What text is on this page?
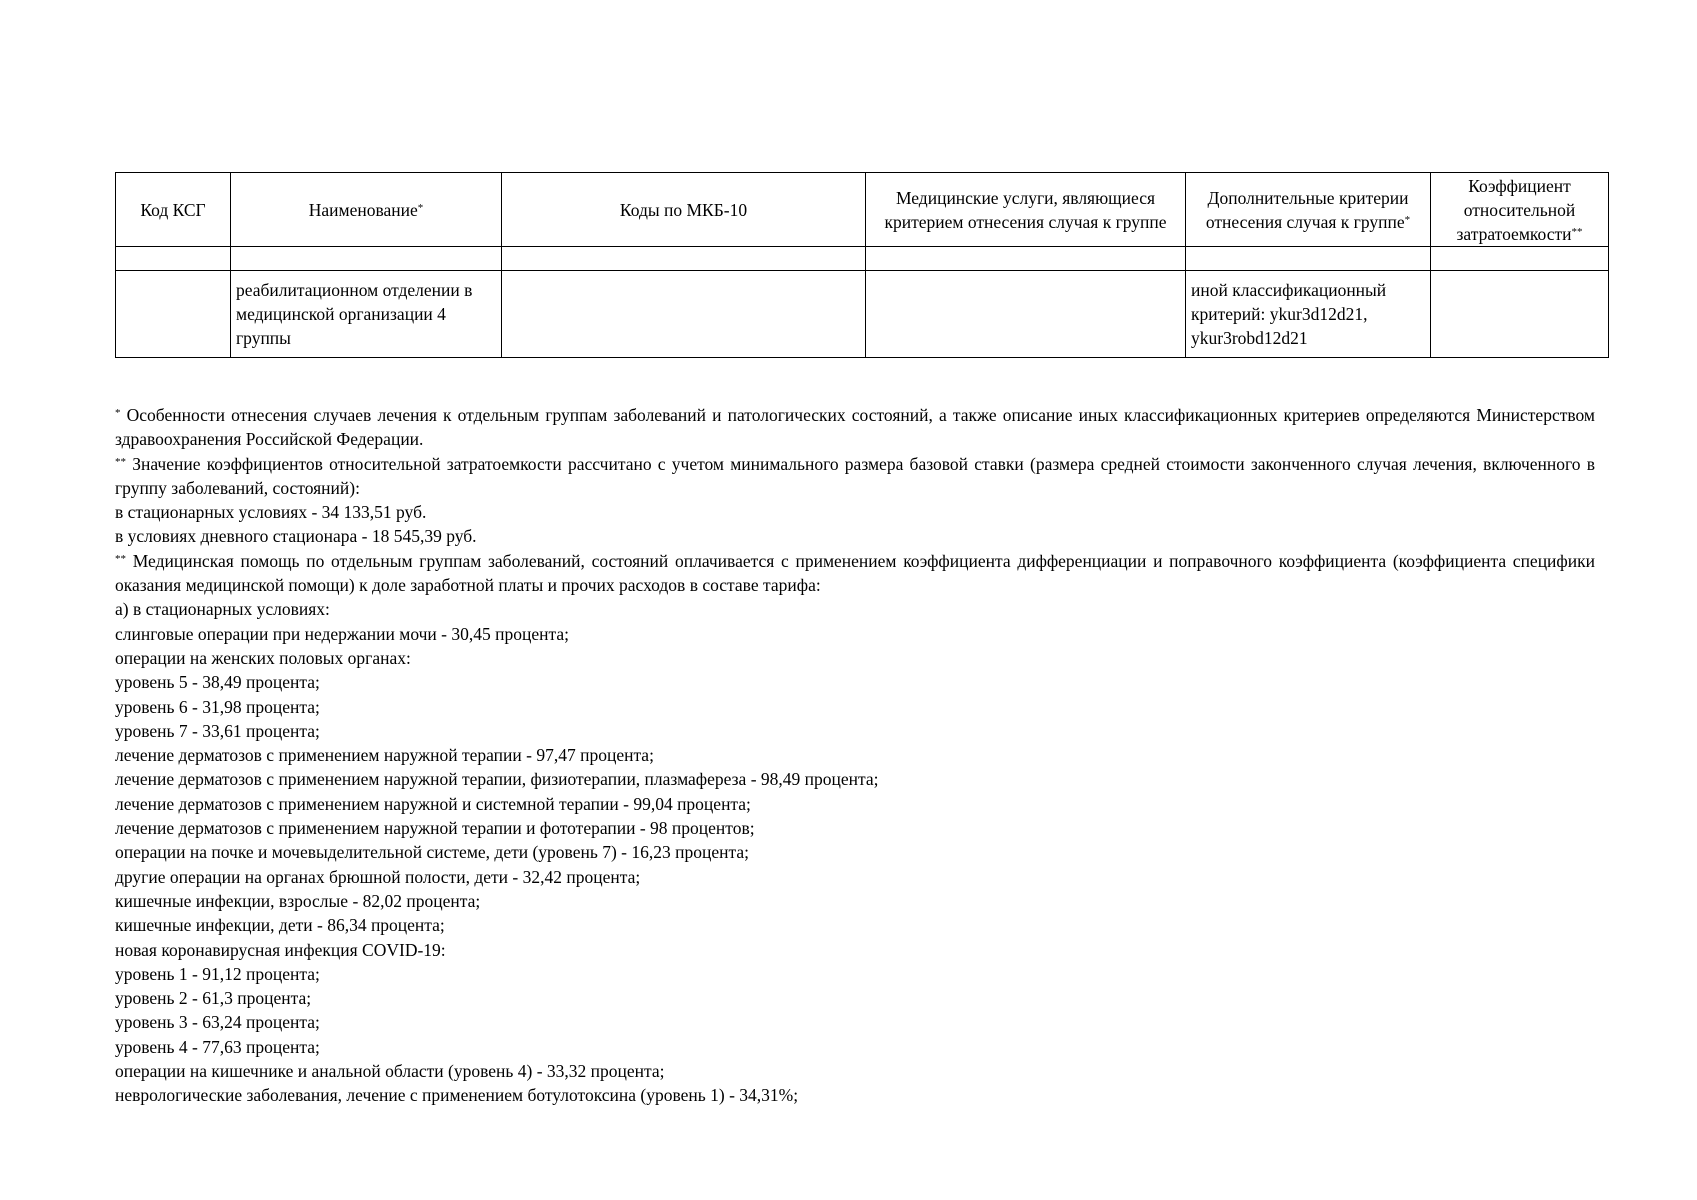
Код КСГ	Наименование*	Коды по МКБ-10	Медицинские услуги, являющиеся критерием отнесения случая к группе	Дополнительные критерии отнесения случая к группе*	Коэффициент относительной затратоемкости**

	реабилитационном отделении в медицинской организации 4 группы			иной классификационный критерий: ykur3d12d21, ykur3robd12d21	

* Особенности отнесения случаев лечения к отдельным группам заболеваний и патологических состояний, а также описание иных классификационных критериев определяются Министерством здравоохранения Российской Федерации.

** Значение коэффициентов относительной затратоемкости рассчитано с учетом минимального размера базовой ставки (размера средней стоимости законченного случая лечения, включенного в группу заболеваний, состояний):

в стационарных условиях - 34 133,51 руб.

в условиях дневного стационара - 18 545,39 руб.

** Медицинская помощь по отдельным группам заболеваний, состояний оплачивается с применением коэффициента дифференциации и поправочного коэффициента (коэффициента специфики оказания медицинской помощи) к доле заработной платы и прочих расходов в составе тарифа:

а) в стационарных условиях:

слинговые операции при недержании мочи - 30,45 процента;

операции на женских половых органах:

уровень 5 - 38,49 процента;

уровень 6 - 31,98 процента;

уровень 7 - 33,61 процента;

лечение дерматозов с применением наружной терапии - 97,47 процента;

лечение дерматозов с применением наружной терапии, физиотерапии, плазмафереза - 98,49 процента;

лечение дерматозов с применением наружной и системной терапии - 99,04 процента;

лечение дерматозов с применением наружной терапии и фототерапии - 98 процентов;

операции на почке и мочевыделительной системе, дети (уровень 7) - 16,23 процента;

другие операции на органах брюшной полости, дети - 32,42 процента;

кишечные инфекции, взрослые - 82,02 процента;

кишечные инфекции, дети - 86,34 процента;

новая коронавирусная инфекция COVID-19:

уровень 1 - 91,12 процента;

уровень 2 - 61,3 процента;

уровень 3 - 63,24 процента;

уровень 4 - 77,63 процента;

операции на кишечнике и анальной области (уровень 4) - 33,32 процента;

неврологические заболевания, лечение с применением ботулотоксина (уровень 1) - 34,31%;
